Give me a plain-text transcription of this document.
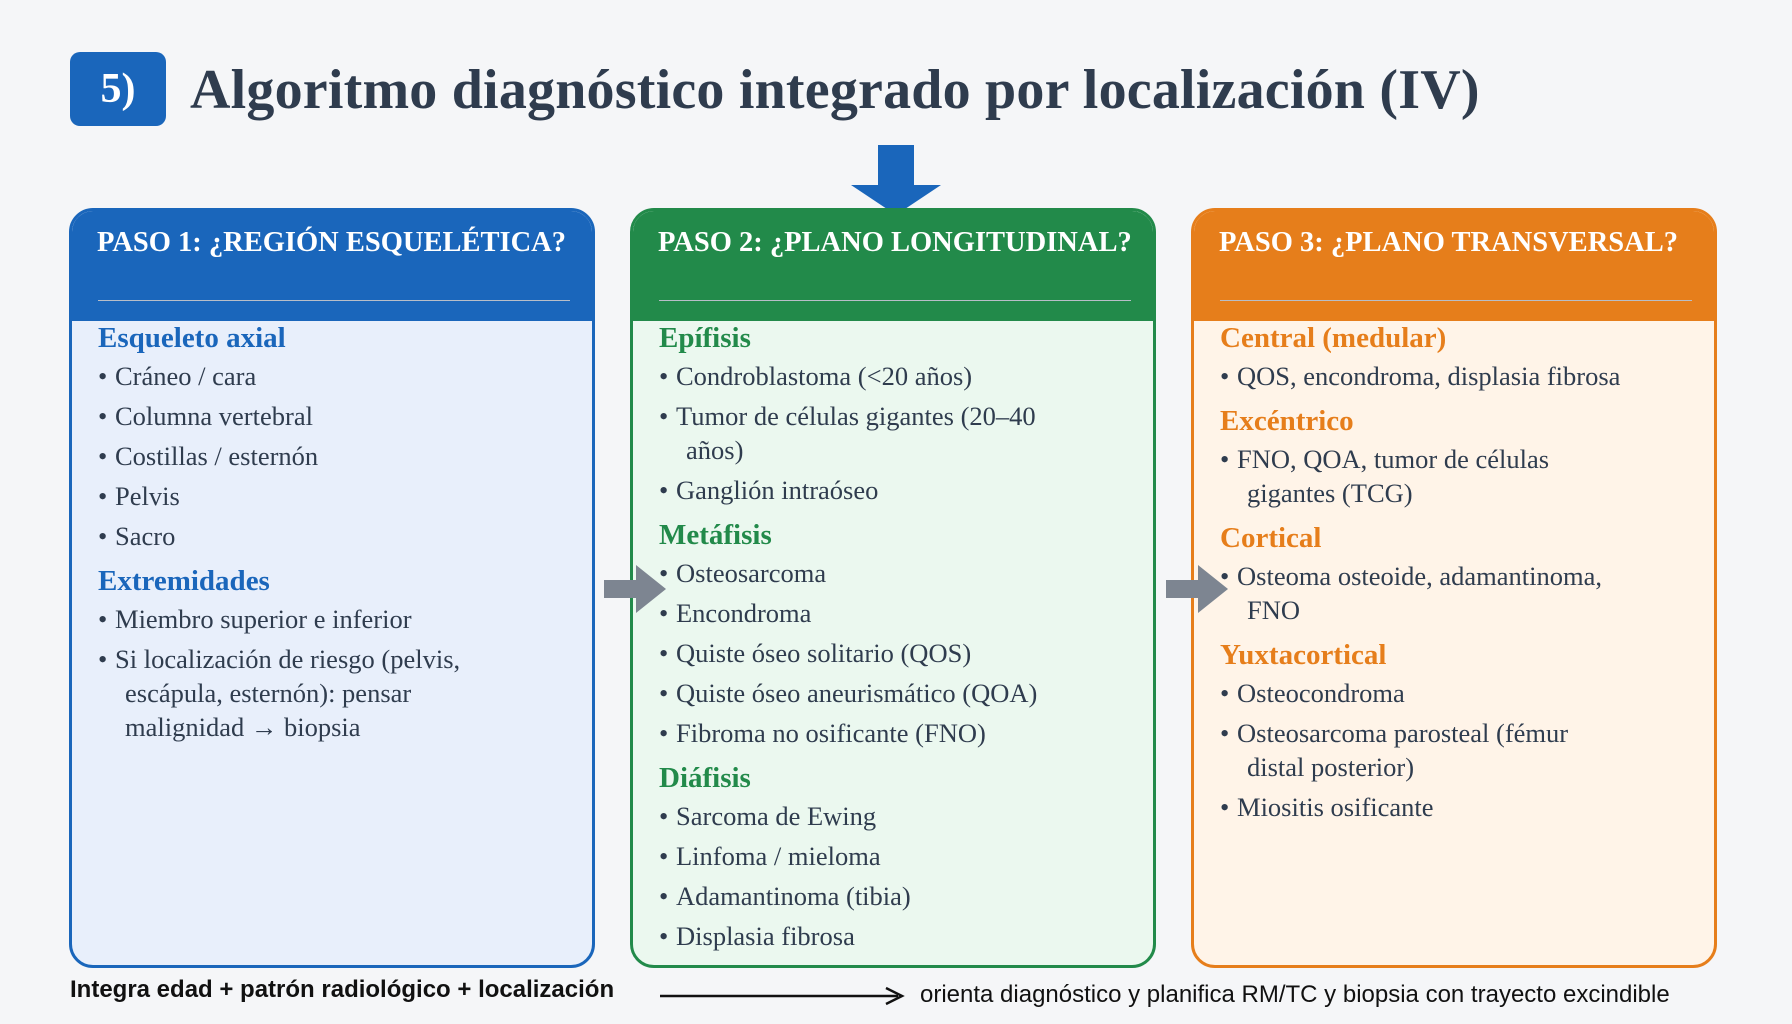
5) Algoritmo diagnóstico integrado por localización (IV)
PASO 1: ¿REGIÓN ESQUELÉTICA?
Esqueleto axial
• Cráneo / cara
• Columna vertebral
• Costillas / esternón
• Pelvis
• Sacro
Extremidades
• Miembro superior e inferior
• Si localización de riesgo (pelvis,
escápula, esternón): pensar
malignidad → biopsia
PASO 2: ¿PLANO LONGITUDINAL?
Epífisis
• Condroblastoma (<20 años)
• Tumor de células gigantes (20–40
años)
• Ganglión intraóseo
Metáfisis
• Osteosarcoma
• Encondroma
• Quiste óseo solitario (QOS)
• Quiste óseo aneurismático (QOA)
• Fibroma no osificante (FNO)
Diáfisis
• Sarcoma de Ewing
• Linfoma / mieloma
• Adamantinoma (tibia)
• Displasia fibrosa
PASO 3: ¿PLANO TRANSVERSAL?
Central (medular)
• QOS, encondroma, displasia fibrosa
Excéntrico
• FNO, QOA, tumor de células
gigantes (TCG)
Cortical
• Osteoma osteoide, adamantinoma,
FNO
Yuxtacortical
• Osteocondroma
• Osteosarcoma parosteal (fémur
distal posterior)
• Miositis osificante
Integra edad + patrón radiológico + localización	orienta diagnóstico y planifica RM/TC y biopsia con trayecto excindible
